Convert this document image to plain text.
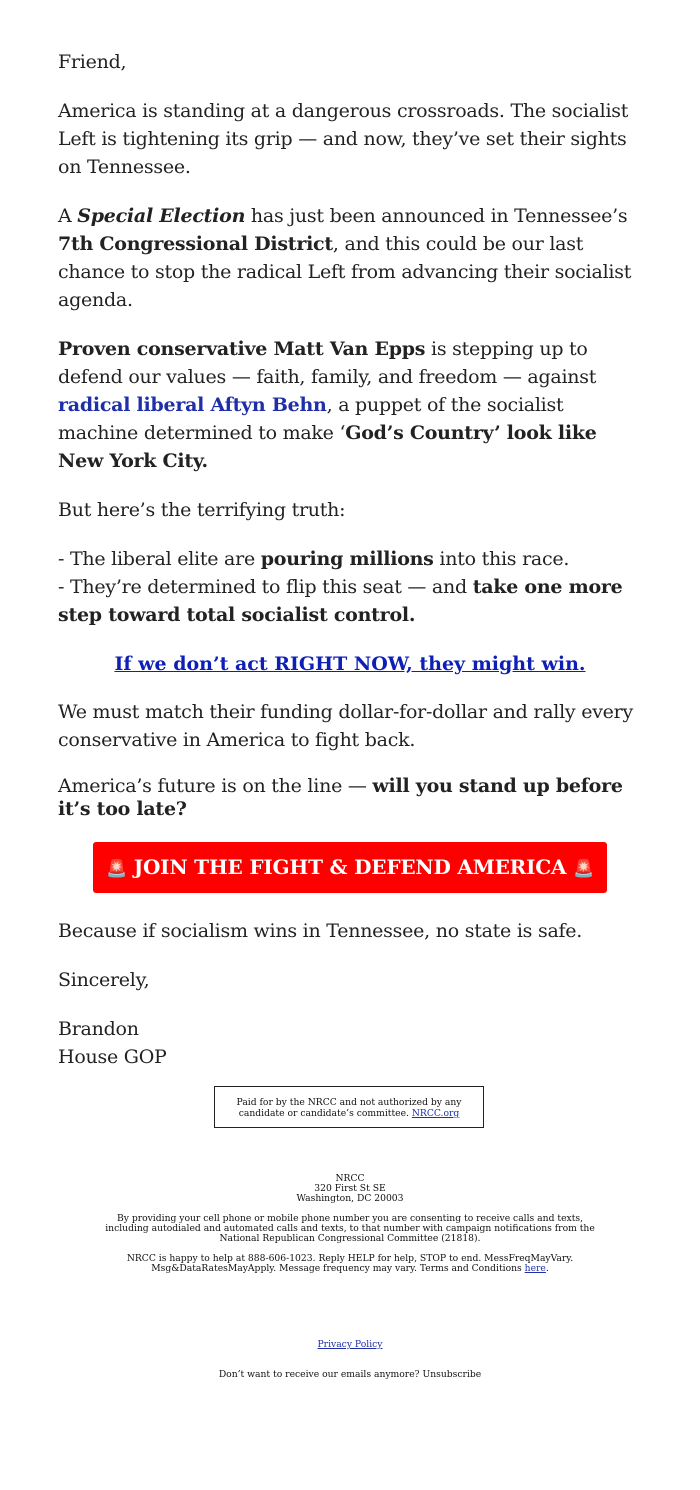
Friend,

America is standing at a dangerous crossroads. The socialist Left is tightening its grip — and now, they’ve set their sights on Tennessee.

A Special Election has just been announced in Tennessee’s 7th Congressional District, and this could be our last chance to stop the radical Left from advancing their socialist agenda.

Proven conservative Matt Van Epps is stepping up to defend our values — faith, family, and freedom — against radical liberal Aftyn Behn, a puppet of the socialist machine determined to make ‘God’s Country’ look like New York City.

But here’s the terrifying truth:

- The liberal elite are pouring millions into this race.
- They’re determined to flip this seat — and take one more step toward total socialist control.

If we don’t act RIGHT NOW, they might win.

We must match their funding dollar-for-dollar and rally every conservative in America to fight back.

America’s future is on the line — will you stand up before it’s too late?

🚨 JOIN THE FIGHT & DEFEND AMERICA 🚨

Because if socialism wins in Tennessee, no state is safe.

Sincerely,

Brandon
House GOP

Paid for by the NRCC and not authorized by any candidate or candidate’s committee. NRCC.org
NRCC
320 First St SE
Washington, DC 20003
By providing your cell phone or mobile phone number you are consenting to receive calls and texts, including autodialed and automated calls and texts, to that number with campaign notifications from the National Republican Congressional Committee (21818).
NRCC is happy to help at 888-606-1023. Reply HELP for help, STOP to end. MessFreqMayVary. Msg&DataRatesMayApply. Message frequency may vary. Terms and Conditions here.
Privacy Policy
Don’t want to receive our emails anymore? Unsubscribe
